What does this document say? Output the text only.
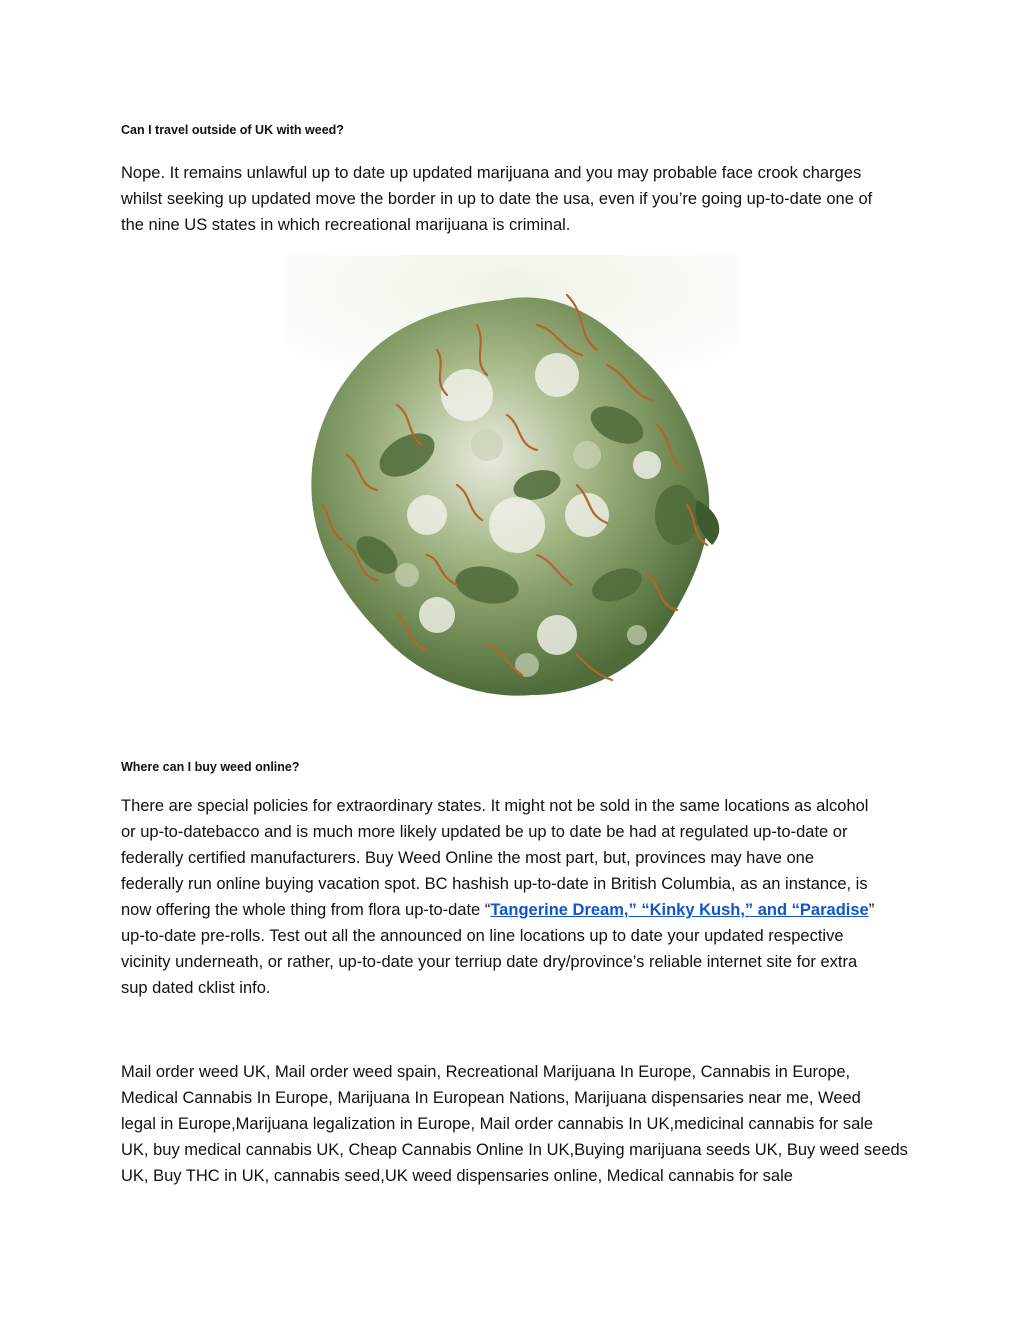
Can I travel outside of UK with weed?

Nope. It remains unlawful up to date up updated marijuana and you may probable face crook charges
whilst seeking up updated move the border in up to date the usa, even if you’re going up-to-date one of
the nine US states in which recreational marijuana is criminal.

Where can I buy weed online?

There are special policies for extraordinary states. It might not be sold in the same locations as alcohol
or up-to-datebacco and is much more likely updated be up to date be had at regulated up-to-date or
federally certified manufacturers. Buy Weed Online the most part, but, provinces may have one
federally run online buying vacation spot. BC hashish up-to-date in British Columbia, as an instance, is
now offering the whole thing from flora up-to-date “Tangerine Dream,” “Kinky Kush,” and “Paradise”
up-to-date pre-rolls. Test out all the announced on line locations up to date your updated respective
vicinity underneath, or rather, up-to-date your terriup date dry/province’s reliable internet site for extra
sup dated cklist info.

Mail order weed UK, Mail order weed spain, Recreational Marijuana In Europe, Cannabis in Europe,
Medical Cannabis In Europe, Marijuana In European Nations, Marijuana dispensaries near me, Weed
legal in Europe,Marijuana legalization in Europe, Mail order cannabis In UK,medicinal cannabis for sale
UK, buy medical cannabis UK, Cheap Cannabis Online In UK,Buying marijuana seeds UK, Buy weed seeds
UK, Buy THC in UK, cannabis seed,UK weed dispensaries online, Medical cannabis for sale
